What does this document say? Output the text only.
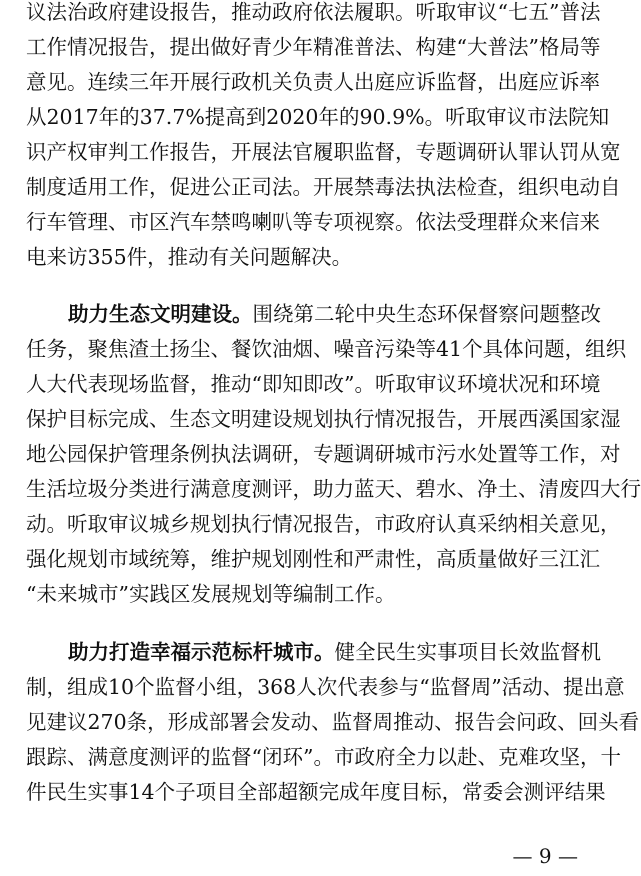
议法治政府建设报告，推动政府依法履职。听取审议“七五”普法
工作情况报告，提出做好青少年精准普法、构建“大普法”格局等
意见。连续三年开展行政机关负责人出庭应诉监督，出庭应诉率
从2017年的37.7%提高到2020年的90.9%。听取审议市法院知
识产权审判工作报告，开展法官履职监督，专题调研认罪认罚从宽
制度适用工作，促进公正司法。开展禁毒法执法检查，组织电动自
行车管理、市区汽车禁鸣喇叭等专项视察。依法受理群众来信来
电来访355件，推动有关问题解决。
助力生态文明建设。围绕第二轮中央生态环保督察问题整改
任务，聚焦渣土扬尘、餐饮油烟、噪音污染等41个具体问题，组织
人大代表现场监督，推动“即知即改”。听取审议环境状况和环境
保护目标完成、生态文明建设规划执行情况报告，开展西溪国家湿
地公园保护管理条例执法调研，专题调研城市污水处置等工作，对
生活垃圾分类进行满意度测评，助力蓝天、碧水、净土、清废四大行
动。听取审议城乡规划执行情况报告，市政府认真采纳相关意见，
强化规划市域统筹，维护规划刚性和严肃性，高质量做好三江汇
“未来城市”实践区发展规划等编制工作。
助力打造幸福示范标杆城市。健全民生实事项目长效监督机
制，组成10个监督小组，368人次代表参与“监督周”活动、提出意
见建议270条，形成部署会发动、监督周推动、报告会问政、回头看
跟踪、满意度测评的监督“闭环”。市政府全力以赴、克难攻坚，十
件民生实事14个子项目全部超额完成年度目标，常委会测评结果
— 9 —
